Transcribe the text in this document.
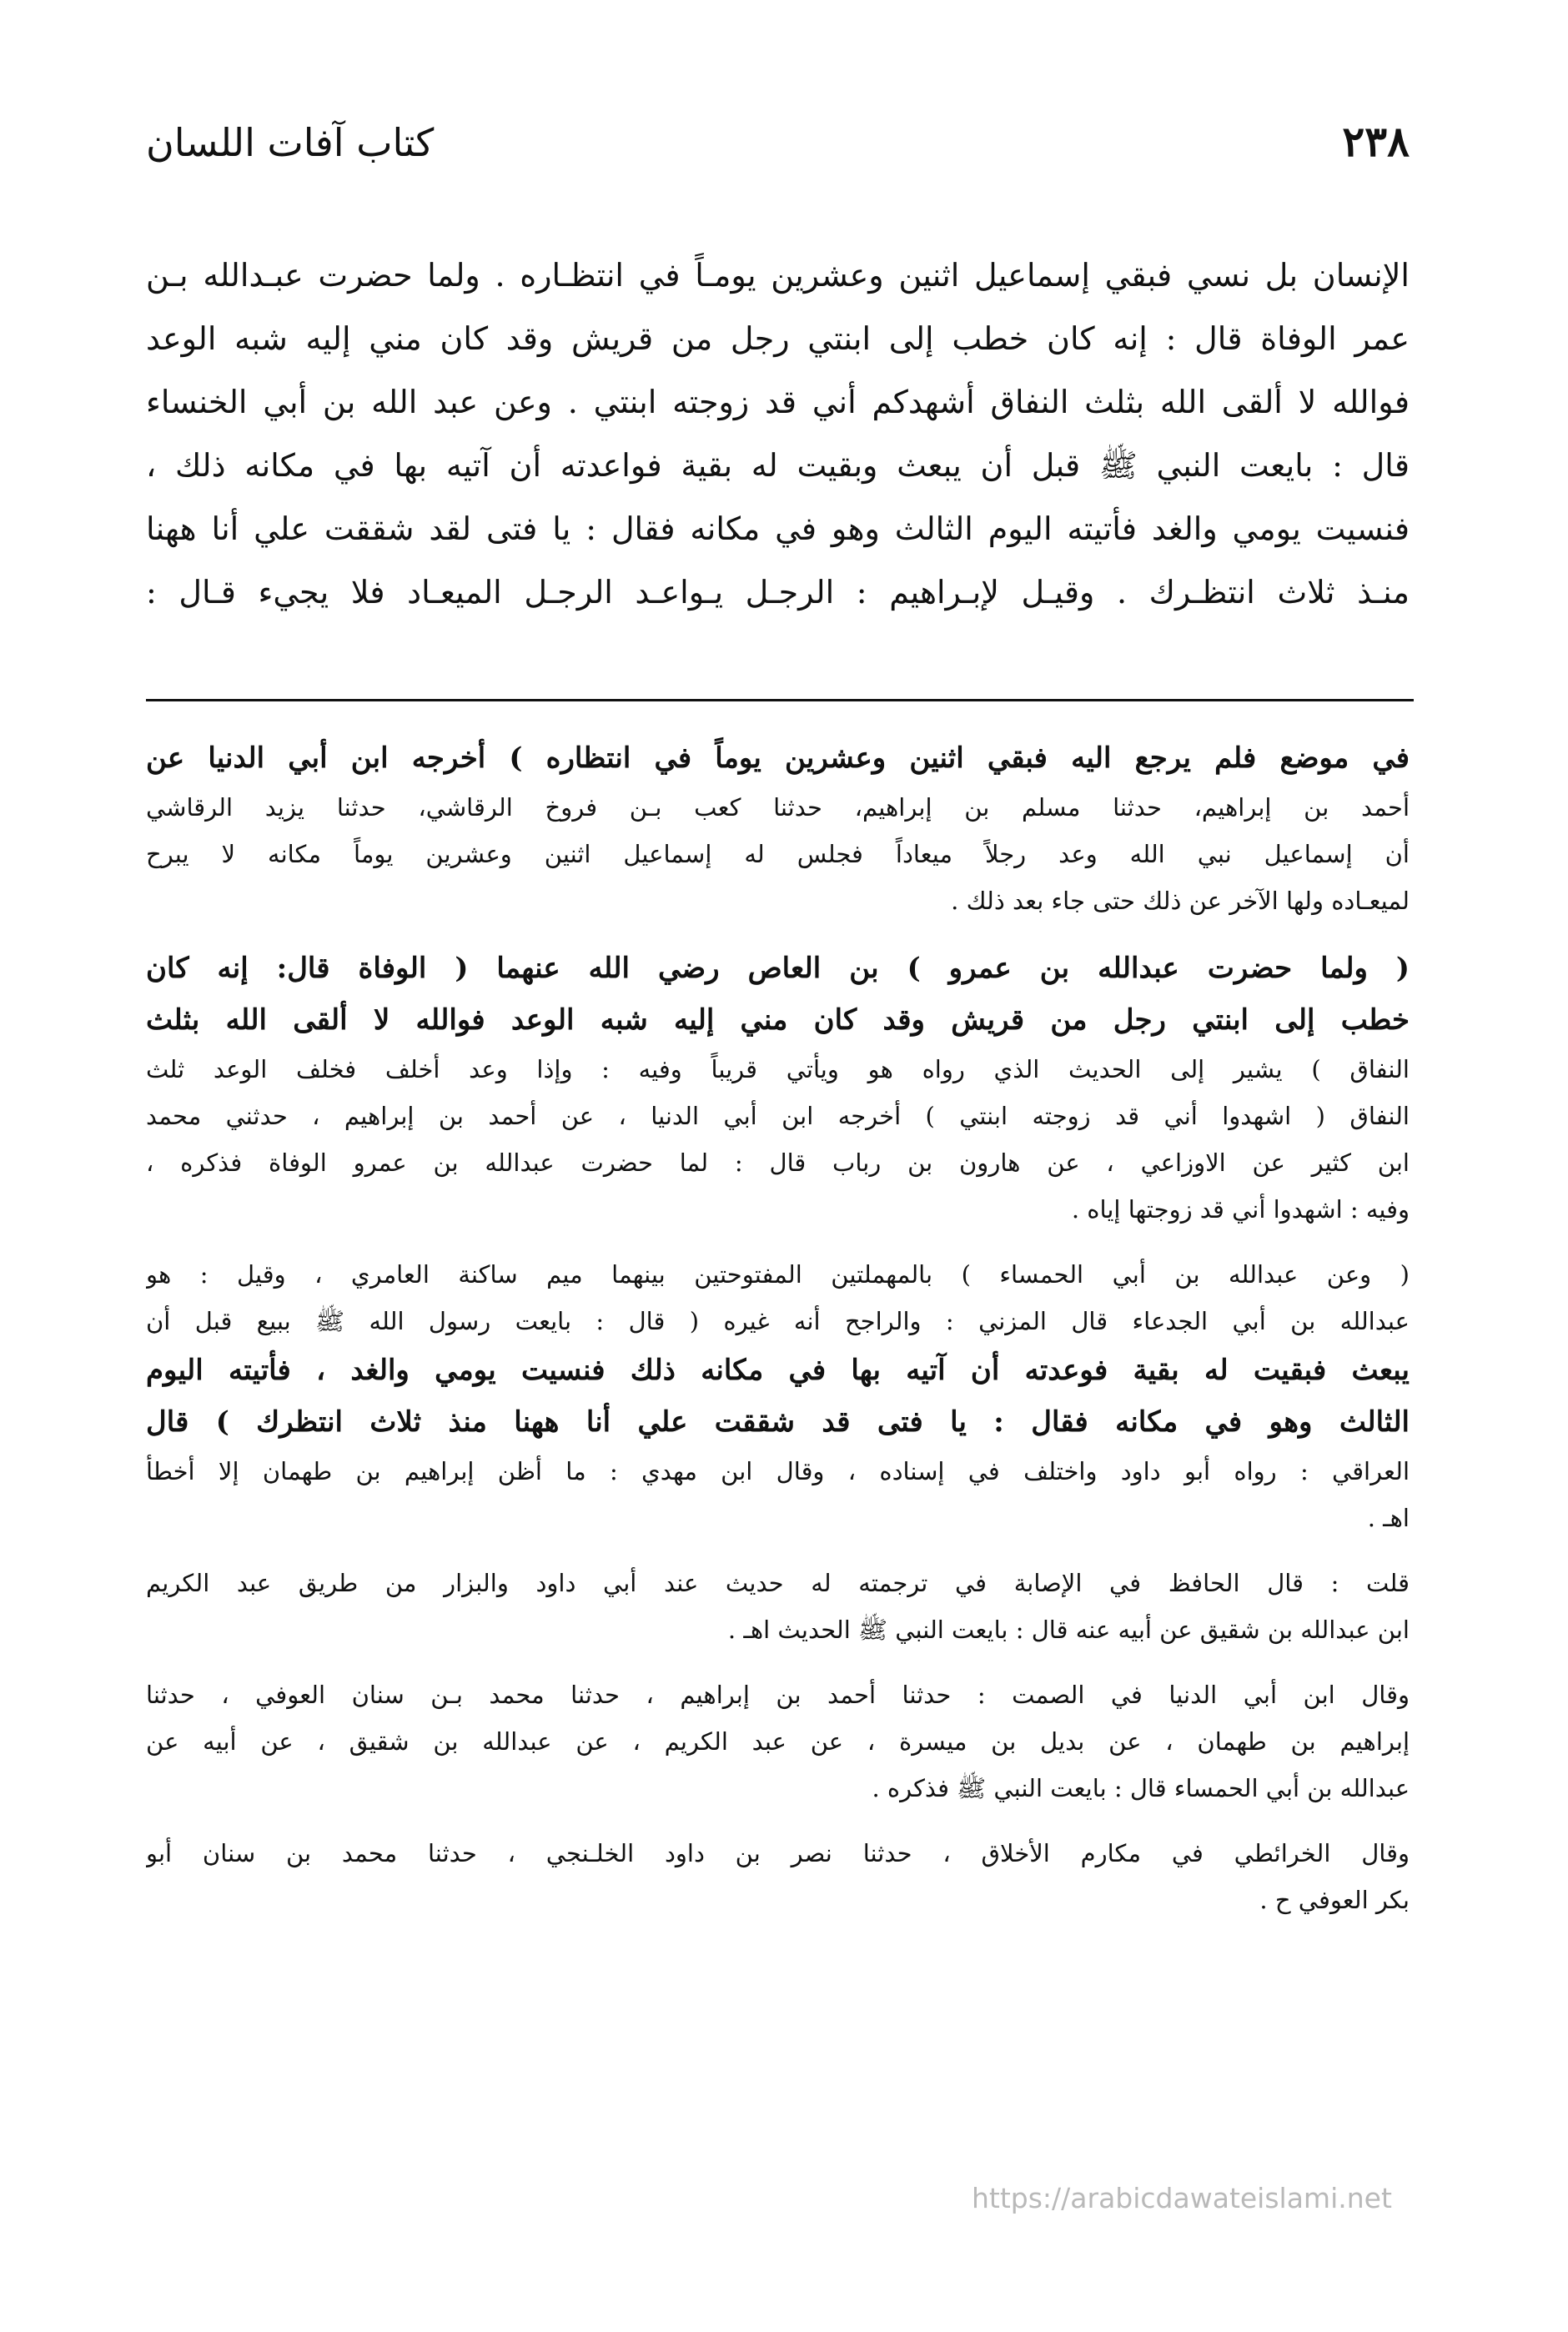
٢٣٨
كتاب آفات اللسان
الإنسان بل نسي فبقي إسماعيل اثنين وعشرين يومـاً في انتظـاره . ولما حضرت عبـدالله بـن
عمر الوفاة قال : إنه كان خطب إلى ابنتي رجل من قريش وقد كان مني إليه شبه الوعد
فوالله لا ألقى الله بثلث النفاق أشهدكم أني قد زوجته ابنتي . وعن عبد الله بن أبي الخنساء
قال : بايعت النبي ﷺ قبل أن يبعث وبقيت له بقية فواعدته أن آتيه بها في مكانه ذلك ،
فنسيت يومي والغد فأتيته اليوم الثالث وهو في مكانه فقال : يا فتى لقد شققت علي أنا ههنا
منـذ ثلاث انتظـرك . وقيـل لإبـراهيم : الرجـل يـواعـد الرجـل الميعـاد فلا يجيء قـال :
في موضع فلم يرجع اليه فبقي اثنين وعشرين يوماً في انتظاره ) أخرجه ابن أبي الدنيا عن
أحمد بن إبراهيم، حدثنا مسلم بن إبراهيم، حدثنا كعب بـن فروخ الرقاشي، حدثنا يزيد الرقاشي
أن إسماعيل نبي الله وعد رجلاً ميعاداً فجلس له إسماعيل اثنين وعشرين يوماً مكانه لا يبرح
لميعـاده ولها الآخر عن ذلك حتى جاء بعد ذلك .
( ولما حضرت عبدالله بن عمرو ) بن العاص رضي الله عنهما ( الوفاة قال: إنه كان
خطب إلى ابنتي رجل من قريش وقد كان مني إليه شبه الوعد فوالله لا ألقى الله بثلث
النفاق ) يشير إلى الحديث الذي رواه هو ويأتي قريباً وفيه : وإذا وعد أخلف فخلف الوعد ثلث
النفاق ( اشهدوا أني قد زوجته ابنتي ) أخرجه ابن أبي الدنيا ، عن أحمد بن إبراهيم ، حدثني محمد
ابن كثير عن الاوزاعي ، عن هارون بن رباب قال : لما حضرت عبدالله بن عمرو الوفاة فذكره ،
وفيه : اشهدوا أني قد زوجتها إياه .
( وعن عبدالله بن أبي الحمساء ) بالمهملتين المفتوحتين بينهما ميم ساكنة العامري ، وقيل : هو
عبدالله بن أبي الجدعاء قال المزني : والراجح أنه غيره ( قال : بايعت رسول الله ﷺ ببيع قبل أن
يبعث فبقيت له بقية فوعدته أن آتيه بها في مكانه ذلك فنسيت يومي والغد ، فأتيته اليوم
الثالث وهو في مكانه فقال : يا فتى قد شققت علي أنا ههنا منذ ثلاث انتظرك ) قال
العراقي : رواه أبو داود واختلف في إسناده ، وقال ابن مهدي : ما أظن إبراهيم بن طهمان إلا أخطأ
اهـ .
قلت : قال الحافظ في الإصابة في ترجمته له حديث عند أبي داود والبزار من طريق عبد الكريم
ابن عبدالله بن شقيق عن أبيه عنه قال : بايعت النبي ﷺ الحديث اهـ .
وقال ابن أبي الدنيا في الصمت : حدثنا أحمد بن إبراهيم ، حدثنا محمد بـن سنان العوفي ، حدثنا
إبراهيم بن طهمان ، عن بديل بن ميسرة ، عن عبد الكريم ، عن عبدالله بن شقيق ، عن أبيه عن
عبدالله بن أبي الحمساء قال : بايعت النبي ﷺ فذكره .
وقال الخرائطي في مكارم الأخلاق ، حدثنا نصر بن داود الخلـنجي ، حدثنا محمد بن سنان أبو
بكر العوفي ح .
https://arabicdawateislami.net
